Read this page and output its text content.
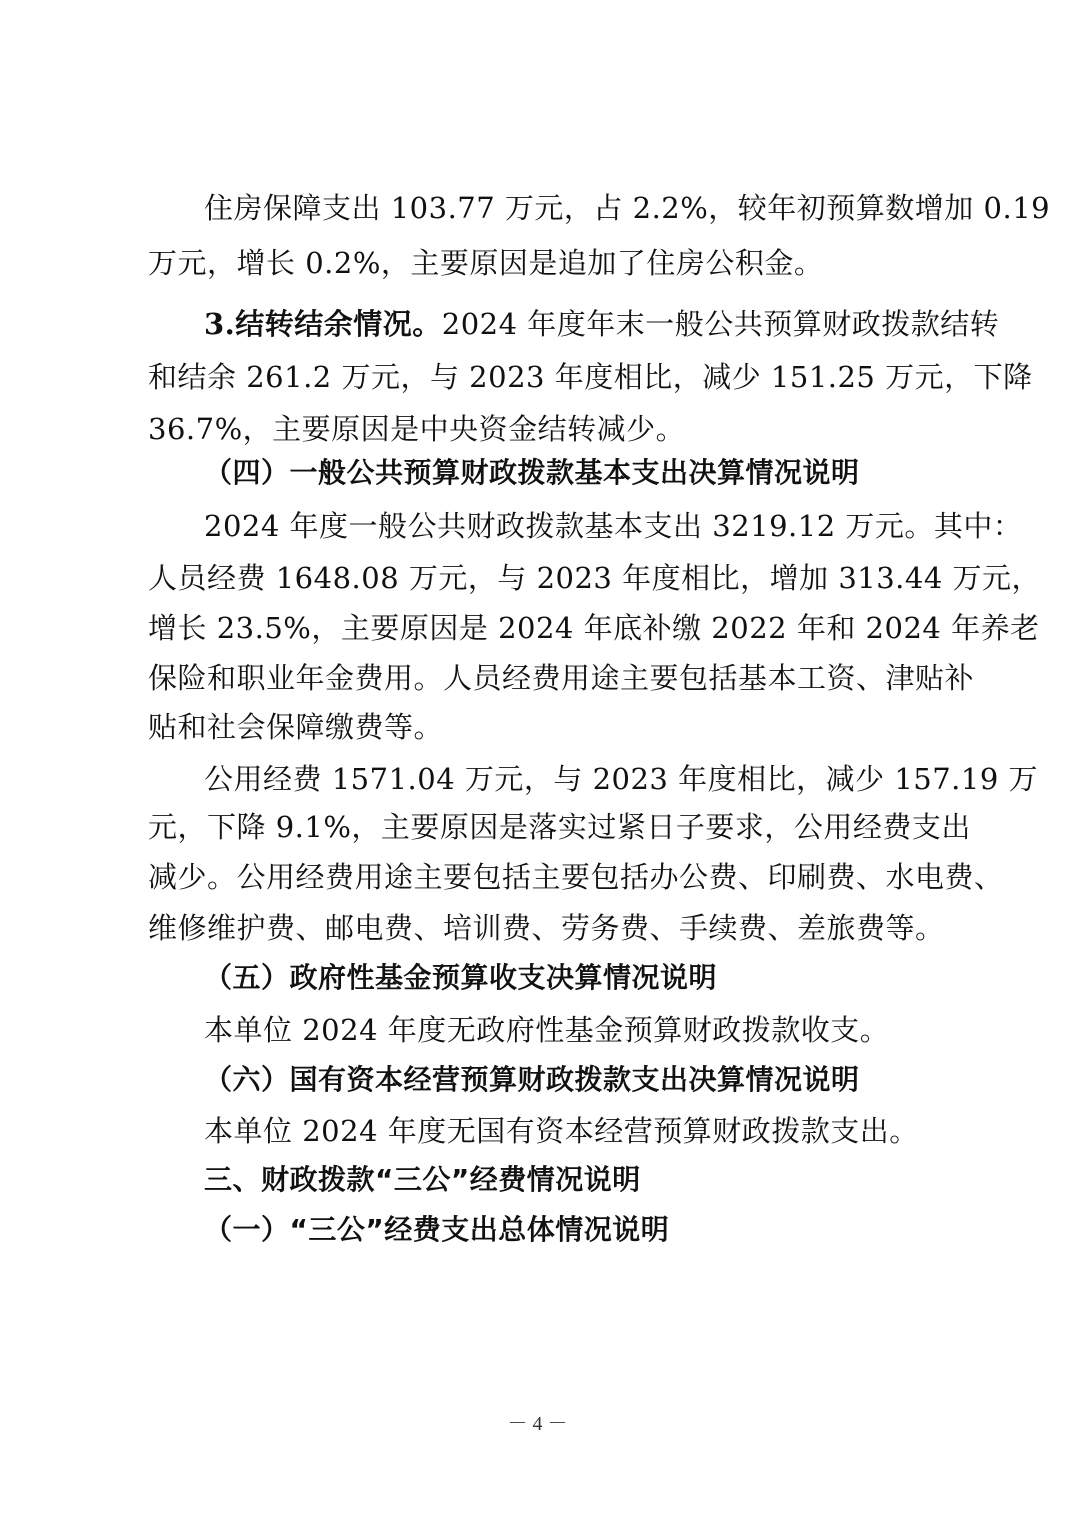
住房保障支出 103.77 万元，占 2.2%，较年初预算数增加 0.19
万元，增长 0.2%，主要原因是追加了住房公积金。
3.结转结余情况。2024 年度年末一般公共预算财政拨款结转
和结余 261.2 万元，与 2023 年度相比，减少 151.25 万元，下降
36.7%，主要原因是中央资金结转减少。
（四）一般公共预算财政拨款基本支出决算情况说明
2024 年度一般公共财政拨款基本支出 3219.12 万元。其中：
人员经费 1648.08 万元，与 2023 年度相比，增加 313.44 万元，
增长 23.5%，主要原因是 2024 年底补缴 2022 年和 2024 年养老
保险和职业年金费用。人员经费用途主要包括基本工资、津贴补
贴和社会保障缴费等。
公用经费 1571.04 万元，与 2023 年度相比，减少 157.19 万
元，下降 9.1%，主要原因是落实过紧日子要求，公用经费支出
减少。公用经费用途主要包括主要包括办公费、印刷费、水电费、
维修维护费、邮电费、培训费、劳务费、手续费、差旅费等。
（五）政府性基金预算收支决算情况说明
本单位 2024 年度无政府性基金预算财政拨款收支。
（六）国有资本经营预算财政拨款支出决算情况说明
本单位 2024 年度无国有资本经营预算财政拨款支出。
三、财政拨款“三公”经费情况说明
（一）“三公”经费支出总体情况说明
－ 4 －
